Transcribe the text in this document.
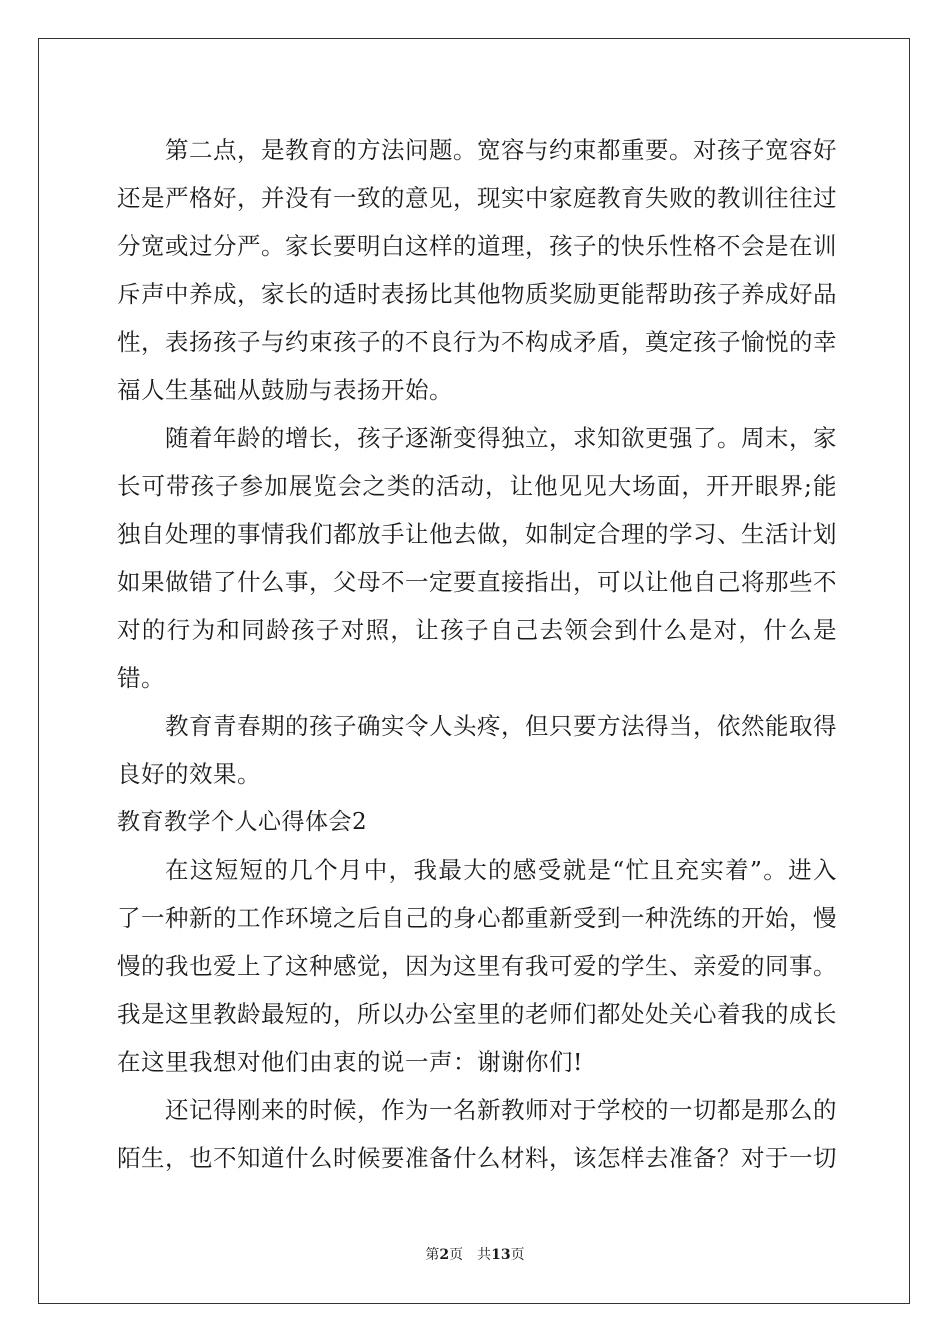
第二点，是教育的方法问题。宽容与约束都重要。对孩子宽容好还是严格好，并没有一致的意见，现实中家庭教育失败的教训往往过分宽或过分严。家长要明白这样的道理，孩子的快乐性格不会是在训斥声中养成，家长的适时表扬比其他物质奖励更能帮助孩子养成好品性，表扬孩子与约束孩子的不良行为不构成矛盾，奠定孩子愉悦的幸福人生基础从鼓励与表扬开始。

随着年龄的增长，孩子逐渐变得独立，求知欲更强了。周末，家长可带孩子参加展览会之类的活动，让他见见大场面，开开眼界;能独自处理的事情我们都放手让他去做，如制定合理的学习、生活计划如果做错了什么事，父母不一定要直接指出，可以让他自己将那些不对的行为和同龄孩子对照，让孩子自己去领会到什么是对，什么是错。

教育青春期的孩子确实令人头疼，但只要方法得当，依然能取得良好的效果。

教育教学个人心得体会2

在这短短的几个月中，我最大的感受就是“忙且充实着”。进入了一种新的工作环境之后自己的身心都重新受到一种洗练的开始，慢慢的我也爱上了这种感觉，因为这里有我可爱的学生、亲爱的同事。我是这里教龄最短的，所以办公室里的老师们都处处关心着我的成长在这里我想对他们由衷的说一声：谢谢你们!

还记得刚来的时候，作为一名新教师对于学校的一切都是那么的陌生，也不知道什么时候要准备什么材料，该怎样去准备？对于一切

第2页　共13页
